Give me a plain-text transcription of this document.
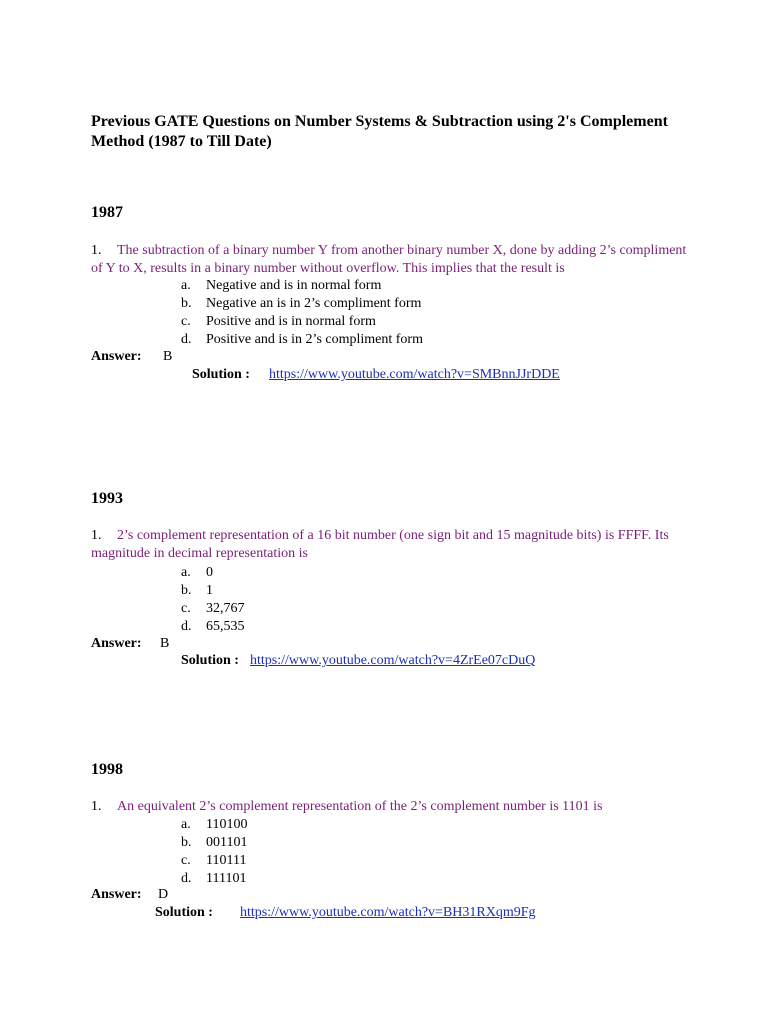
Previous GATE Questions on Number Systems & Subtraction using 2's Complement Method (1987 to Till Date)
1987
1. The subtraction of a binary number Y from another binary number X, done by adding 2’s compliment of Y to X, results in a binary number without overflow. This implies that the result is
a. Negative and is in normal form
b. Negative an is in 2’s compliment form
c. Positive and is in normal form
d. Positive and is in 2’s compliment form
Answer: B
Solution : https://www.youtube.com/watch?v=SMBnnJJrDDE
1993
1. 2’s complement representation of a 16 bit number (one sign bit and 15 magnitude bits) is FFFF. Its magnitude in decimal representation is
a. 0
b. 1
c. 32,767
d. 65,535
Answer: B
Solution : https://www.youtube.com/watch?v=4ZrEe07cDuQ
1998
1. An equivalent 2’s complement representation of the 2’s complement number is 1101 is
a. 110100
b. 001101
c. 110111
d. 111101
Answer: D
Solution : https://www.youtube.com/watch?v=BH31RXqm9Fg
